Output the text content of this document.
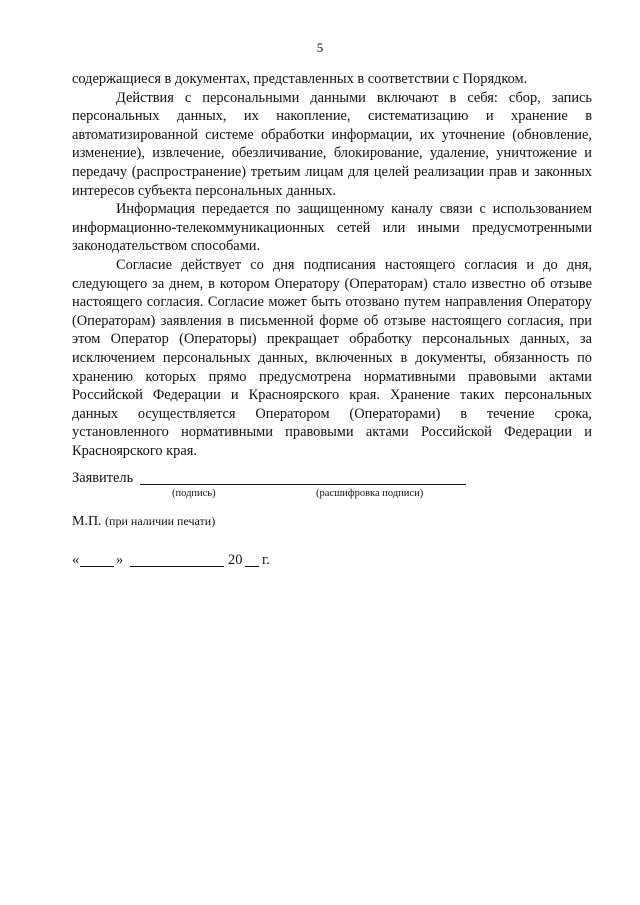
5

содержащиеся в документах, представленных в соответствии с Порядком.

Действия с персональными данными включают в себя: сбор, запись персональных данных, их накопление, систематизацию и хранение в автоматизированной системе обработки информации, их уточнение (обновление, изменение), извлечение, обезличивание, блокирование, удаление, уничтожение и передачу (распространение) третьим лицам для целей реализации прав и законных интересов субъекта персональных данных.

Информация передается по защищенному каналу связи с использованием информационно-телекоммуникационных сетей или иными предусмотренными законодательством способами.

Согласие действует со дня подписания настоящего согласия и до дня, следующего за днем, в котором Оператору (Операторам) стало известно об отзыве настоящего согласия. Согласие может быть отозвано путем направления Оператору (Операторам) заявления в письменной форме об отзыве настоящего согласия, при этом Оператор (Операторы) прекращает обработку персональных данных, за исключением персональных данных, включенных в документы, обязанность по хранению которых прямо предусмотрена нормативными правовыми актами Российской Федерации и Красноярского края. Хранение таких персональных данных осуществляется Оператором (Операторами) в течение срока, установленного нормативными правовыми актами Российской Федерации и Красноярского края.

Заявитель
(подпись)	(расшифровка подписи)
М.П. (при наличии печати)
«	»	20 г.
